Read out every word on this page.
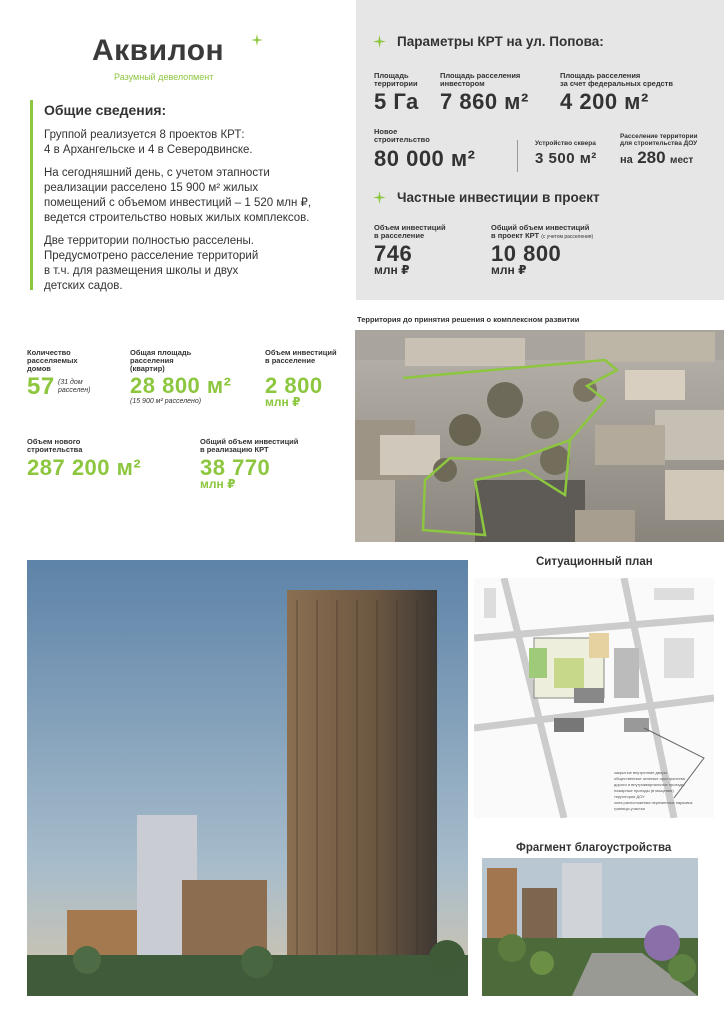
Аквилон
Разумный девелопмент
Общие сведения:
Группой реализуется 8 проектов КРТ:
4 в Архангельске и 4 в Северодвинске.
На сегодняшний день, с учетом этапности
реализации расселено 15 900 м² жилых
помещений с объемом инвестиций – 1 520 млн ₽,
ведется строительство новых жилых комплексов.
Две территории полностью расселены.
Предусмотрено расселение территорий
в т.ч. для размещения школы и двух
детских садов.
Параметры КРТ на ул. Попова:
Площадь
территории
5 Га
Площадь расселения
инвестором
7 860 м²
Площадь расселения
за счет федеральных средств
4 200 м²
Новое
строительство
80 000 м²
Устройство сквера
3 500 м²
Расселение территории
для строительства ДОУ
на 280 мест
Частные инвестиции в проект
Объем инвестиций
в расселение
746
млн ₽
Общий объем инвестиций
в проект КРТ (с учетом расселения)
10 800
млн ₽
Количество
расселяемых
домов
57 (31 дом
расселен)
Общая площадь
расселения
(квартир)
28 800 м²
(15 900 м² расселено)
Объем инвестиций
в расселение
2 800
млн ₽
Объем нового
строительства
287 200 м²
Общий объем инвестиций
в реализацию КРТ
38 770
млн ₽
Территория до принятия решения о комплексном развитии
Ситуационный план
закрытые внутренние дворы
общественные зеленые пространства
дороги и внутриквартальные проезды
пожарные проезды (в мощении)
территории ДОУ
зона расположения переменных парковок
границы участка
Фрагмент благоустройства
